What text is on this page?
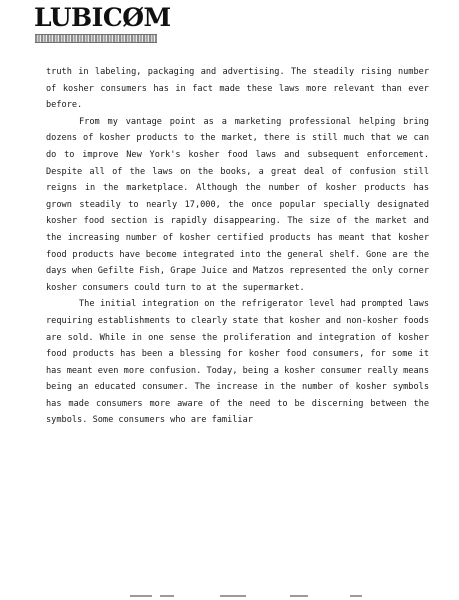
LUBICØM

truth in labeling, packaging and advertising. The steadily rising number of kosher consumers has in fact made these laws more relevant than ever before.

From my vantage point as a marketing professional helping bring dozens of kosher products to the market, there is still much that we can do to improve New York's kosher food laws and subsequent enforcement. Despite all of the laws on the books, a great deal of confusion still reigns in the marketplace. Although the number of kosher products has grown steadily to nearly 17,000, the once popular specially designated kosher food section is rapidly disappearing. The size of the market and the increasing number of kosher certified products has meant that kosher food products have become integrated into the general shelf. Gone are the days when Gefilte Fish, Grape Juice and Matzos represented the only corner kosher consumers could turn to at the supermarket.

The initial integration on the refrigerator level had prompted laws requiring establishments to clearly state that kosher and non-kosher foods are sold. While in one sense the proliferation and integration of kosher food products has been a blessing for kosher food consumers, for some it has meant even more confusion. Today, being a kosher consumer really means being an educated consumer. The increase in the number of kosher symbols has made consumers more aware of the need to be discerning between the symbols. Some consumers who are familiar
